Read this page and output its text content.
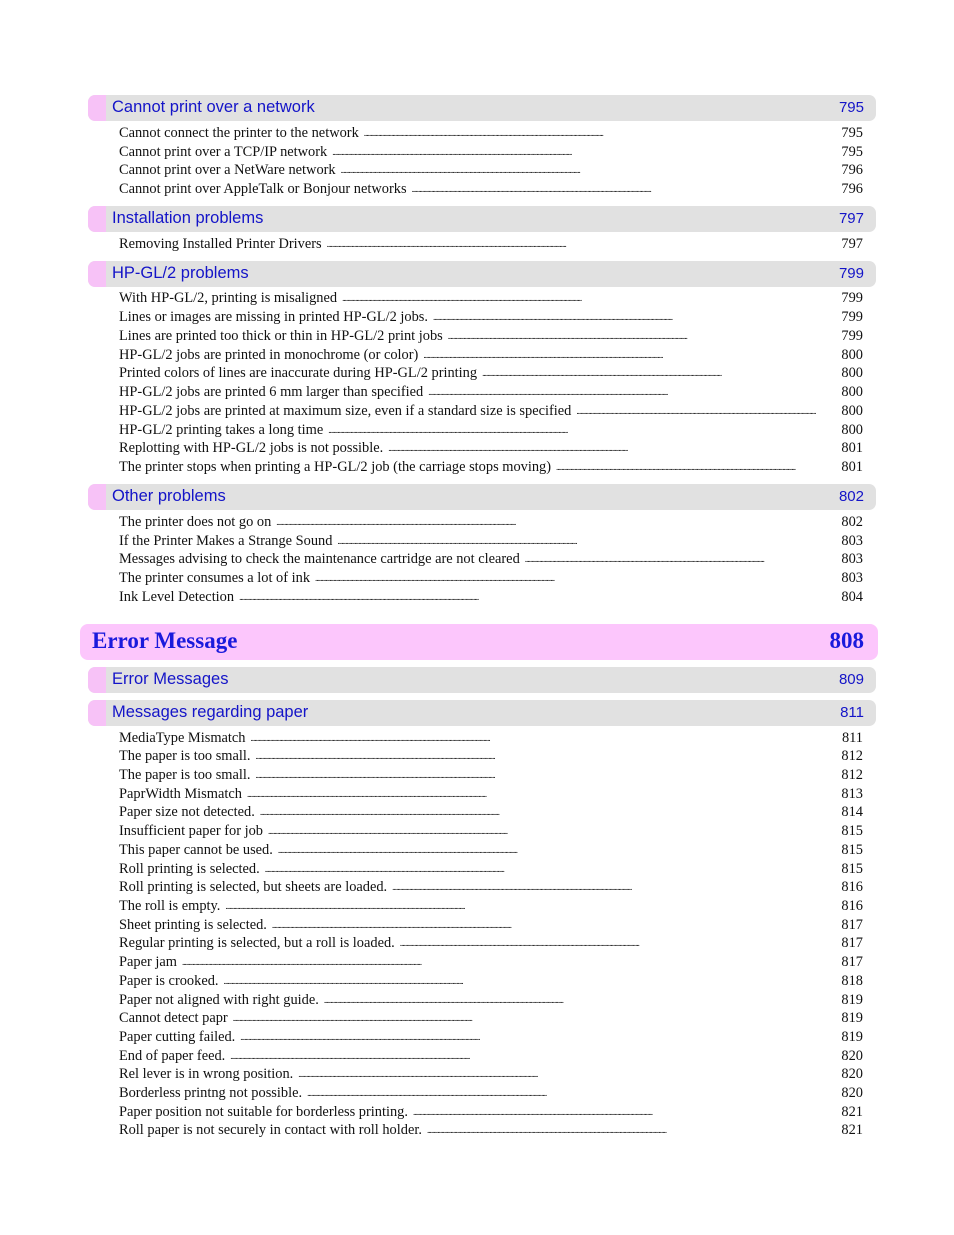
Cannot print over a network	795
Cannot connect the printer to the network . . .	795
Cannot print over a TCP/IP network . . .	795
Cannot print over a NetWare network . . .	796
Cannot print over AppleTalk or Bonjour networks . . .	796
Installation problems	797
Removing Installed Printer Drivers . . .	797
HP-GL/2 problems	799
With HP-GL/2, printing is misaligned . . .	799
Lines or images are missing in printed HP-GL/2 jobs. . . .	799
Lines are printed too thick or thin in HP-GL/2 print jobs . . .	799
HP-GL/2 jobs are printed in monochrome (or color) . . .	800
Printed colors of lines are inaccurate during HP-GL/2 printing . . .	800
HP-GL/2 jobs are printed 6 mm larger than specified . . .	800
HP-GL/2 jobs are printed at maximum size, even if a standard size is specified . . .	800
HP-GL/2 printing takes a long time . . .	800
Replotting with HP-GL/2 jobs is not possible. . . .	801
The printer stops when printing a HP-GL/2 job (the carriage stops moving) . . .	801
Other problems	802
The printer does not go on . . .	802
If the Printer Makes a Strange Sound . . .	803
Messages advising to check the maintenance cartridge are not cleared . . .	803
The printer consumes a lot of ink . . .	803
Ink Level Detection . . .	804
Error Message	808
Error Messages	809
Messages regarding paper	811
MediaType Mismatch . . .	811
The paper is too small. . . .	812
The paper is too small. . . .	812
PaprWidth Mismatch . . .	813
Paper size not detected. . . .	814
Insufficient paper for job . . .	815
This paper cannot be used. . . .	815
Roll printing is selected. . . .	815
Roll printing is selected, but sheets are loaded. . . .	816
The roll is empty. . . .	816
Sheet printing is selected. . . .	817
Regular printing is selected, but a roll is loaded. . . .	817
Paper jam . . .	817
Paper is crooked. . . .	818
Paper not aligned with right guide. . . .	819
Cannot detect papr . . .	819
Paper cutting failed. . . .	819
End of paper feed. . . .	820
Rel lever is in wrong position. . . .	820
Borderless printng not possible. . . .	820
Paper position not suitable for borderless printing. . . .	821
Roll paper is not securely in contact with roll holder. . . .	821
